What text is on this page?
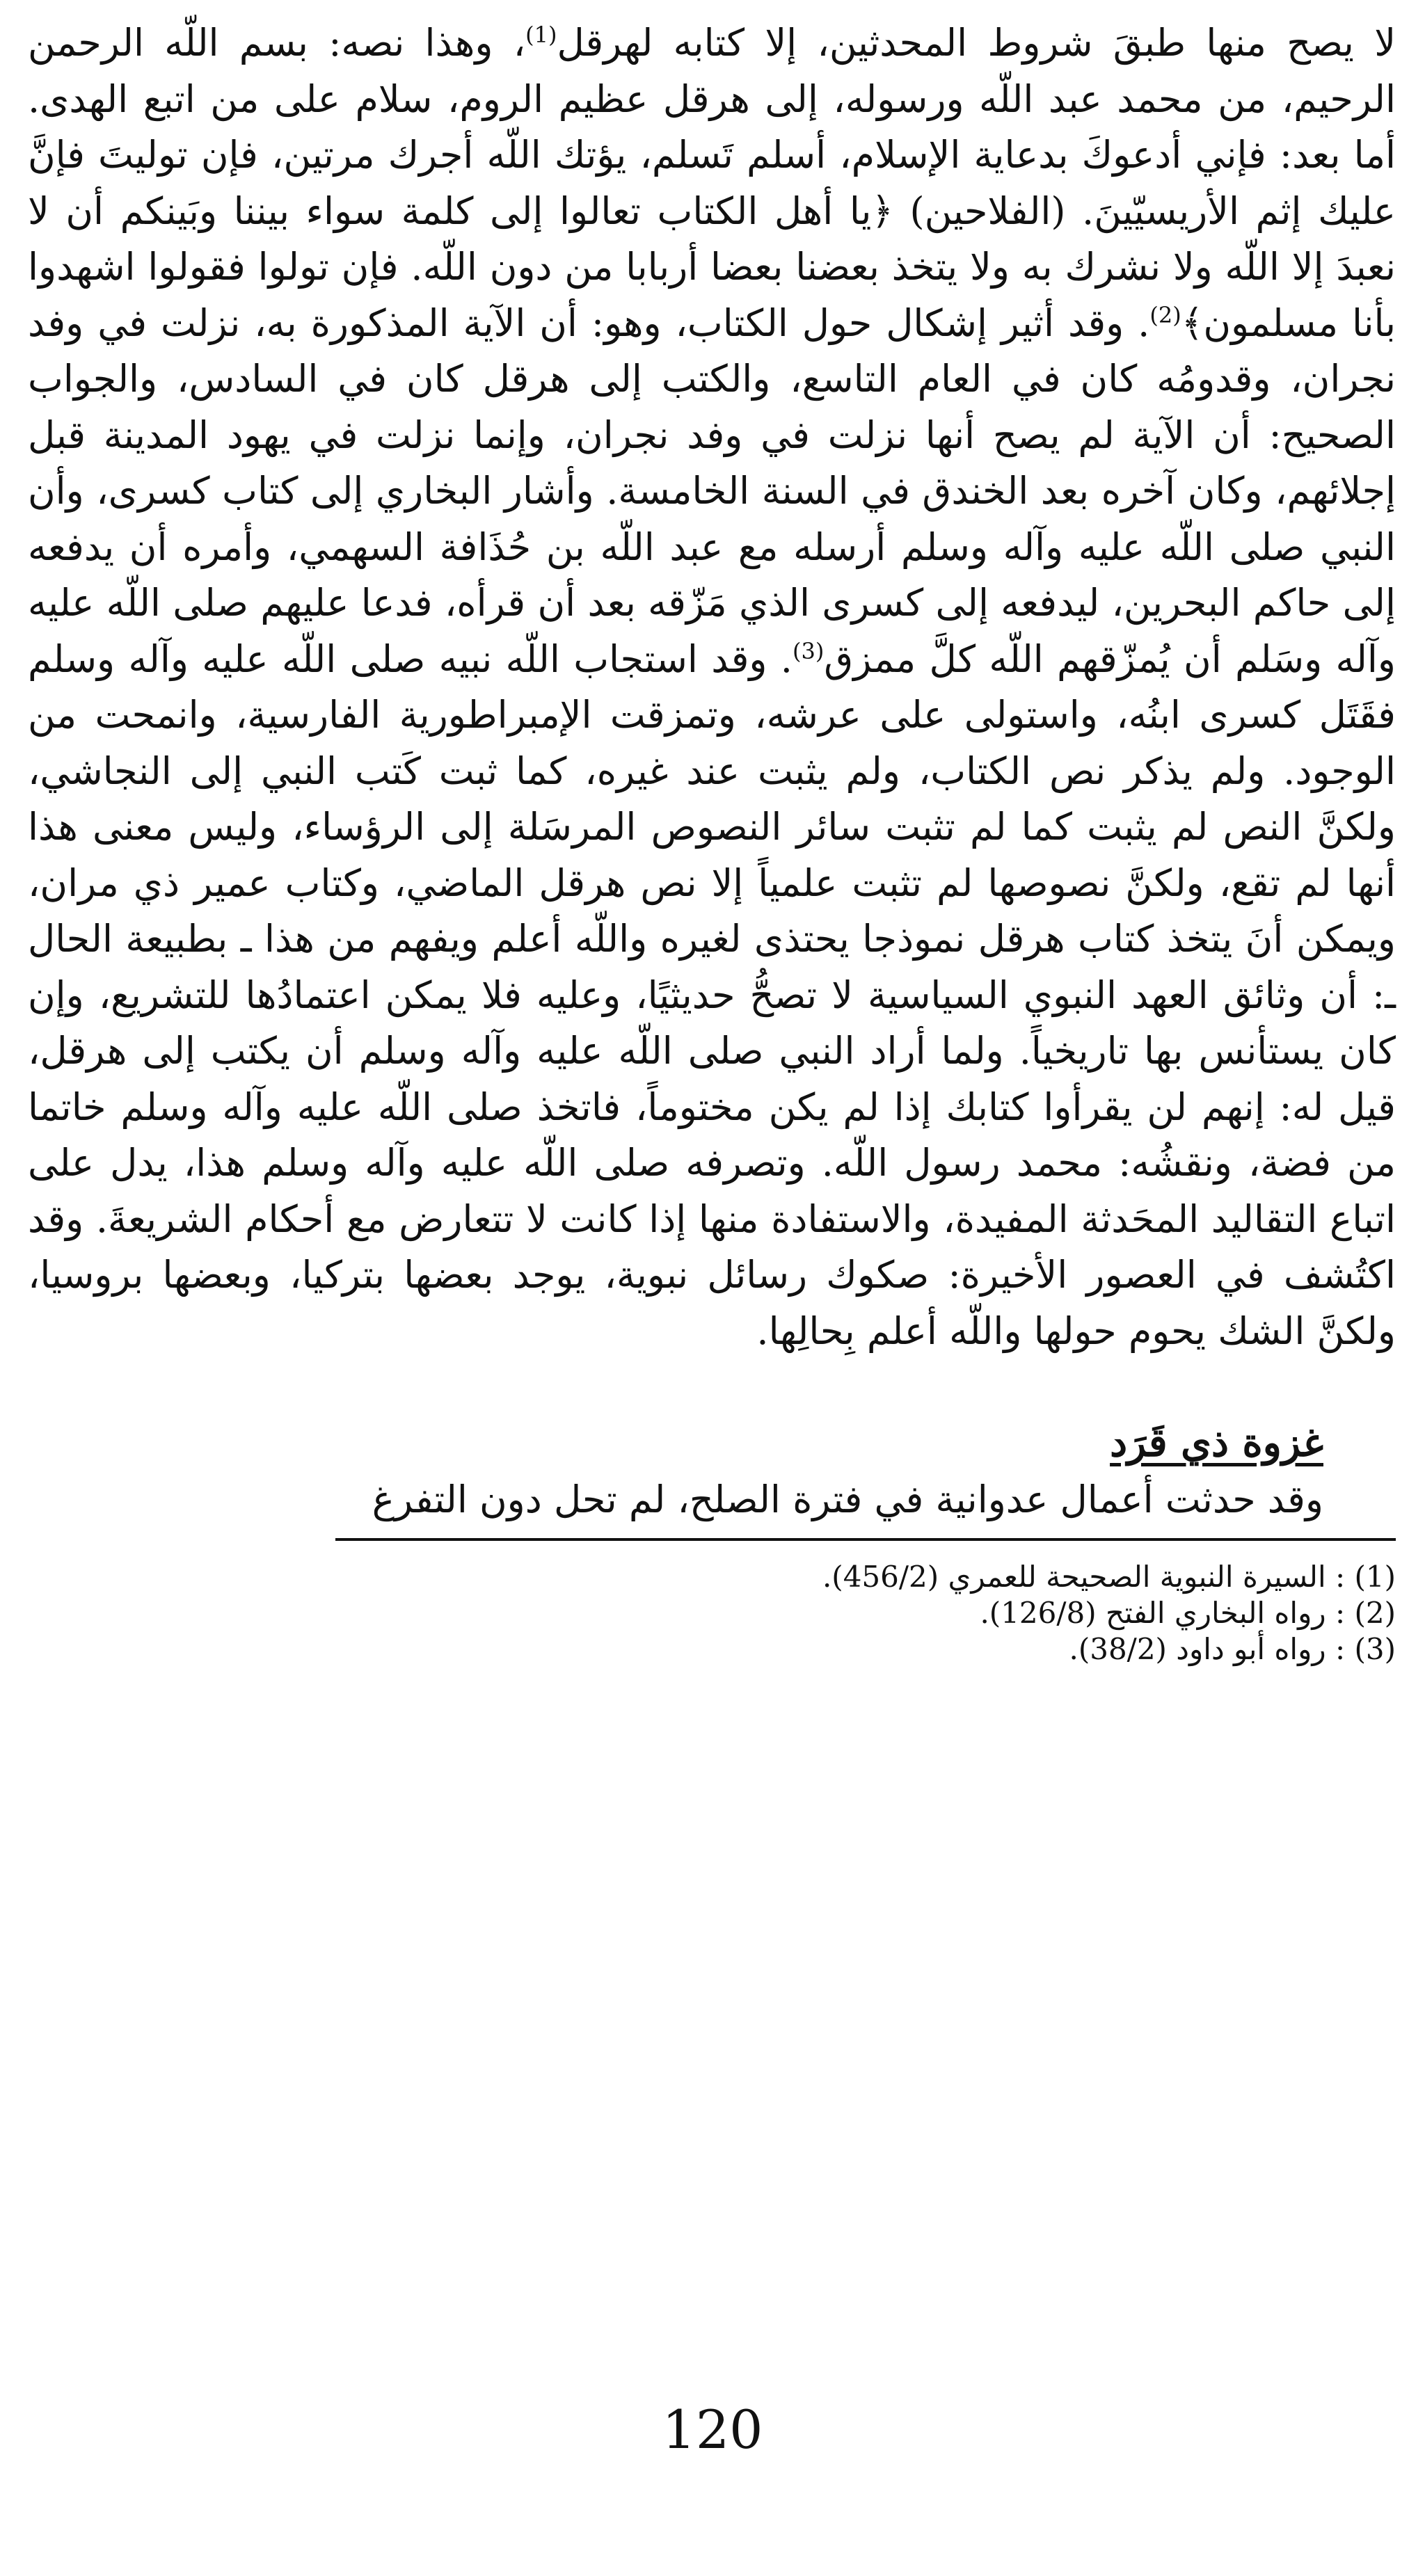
لا يصح منها طبقَ شروط المحدثين، إلا كتابه لهرقل$^{(1)}$، وهذا نصه: بسم اللّه الرحمن الرحيم، من محمد عبد اللّه ورسوله، إلى هرقل عظيم الروم، سلام على من اتبع الهدى. أما بعد: فإني أدعوكَ بدعاية الإسلام، أسلم تَسلم، يؤتك اللّه أجرك مرتين، فإن توليتَ فإنَّ عليك إثم الأريسيّينَ. (الفلاحين) ﴿يا أهل الكتاب تعالوا إلى كلمة سواء بيننا وبَينكم أن لا نعبدَ إلا اللّه ولا نشرك به ولا يتخذ بعضنا بعضا أربابا من دون اللّه. فإن تولوا فقولوا اشهدوا بأنا مسلمون﴾$^{(2)}$. وقد أثير إشكال حول الكتاب، وهو: أن الآية المذكورة به، نزلت في وفد نجران، وقدومُه كان في العام التاسع، والكتب إلى هرقل كان في السادس، والجواب الصحيح: أن الآية لم يصح أنها نزلت في وفد نجران، وإنما نزلت في يهود المدينة قبل إجلائهم، وكان آخره بعد الخندق في السنة الخامسة. وأشار البخاري إلى كتاب كسرى، وأن النبي صلى اللّه عليه وآله وسلم أرسله مع عبد اللّه بن حُذَافة السهمي، وأمره أن يدفعه إلى حاكم البحرين، ليدفعه إلى كسرى الذي مَزّقه بعد أن قرأه، فدعا عليهم صلى اللّه عليه وآله وسَلم أن يُمزّقهم اللّه كلَّ ممزق$^{(3)}$. وقد استجاب اللّه نبيه صلى اللّه عليه وآله وسلم فقَتَل كسرى ابنُه، واستولى على عرشه، وتمزقت الإمبراطورية الفارسية، وانمحت من الوجود. ولم يذكر نص الكتاب، ولم يثبت عند غيره، كما ثبت كَتب النبي إلى النجاشي، ولكنَّ النص لم يثبت كما لم تثبت سائر النصوص المرسَلة إلى الرؤساء، وليس معنى هذا أنها لم تقع، ولكنَّ نصوصها لم تثبت علمياً إلا نص هرقل الماضي، وكتاب عمير ذي مران، ويمكن أنَ يتخذ كتاب هرقل نموذجا يحتذى لغيره واللّه أعلم ويفهم من هذا ـ بطبيعة الحال ـ: أن وثائق العهد النبوي السياسية لا تصحُّ حديثيًا، وعليه فلا يمكن اعتمادُها للتشريع، وإن كان يستأنس بها تاريخياً. ولما أراد النبي صلى اللّه عليه وآله وسلم أن يكتب إلى هرقل، قيل له: إنهم لن يقرأوا كتابك إذا لم يكن مختوماً، فاتخذ صلى اللّه عليه وآله وسلم خاتما من فضة، ونقشُه: محمد رسول اللّه. وتصرفه صلى اللّه عليه وآله وسلم هذا، يدل على اتباع التقاليد المحَدثة المفيدة، والاستفادة منها إذا كانت لا تتعارض مع أحكام الشريعةَ. وقد اكتُشف في العصور الأخيرة: صكوك رسائل نبوية، يوجد بعضها بتركيا، وبعضها بروسيا، ولكنَّ الشك يحوم حولها واللّه أعلم بِحالِها.

غزوة ذي قَرَد

وقد حدثت أعمال عدوانية في فترة الصلح، لم تحل دون التفرغ

(1) : السيرة النبوية الصحيحة للعمري (456/2).
(2) : رواه البخاري الفتح (126/8).
(3) : رواه أبو داود (38/2).
120
